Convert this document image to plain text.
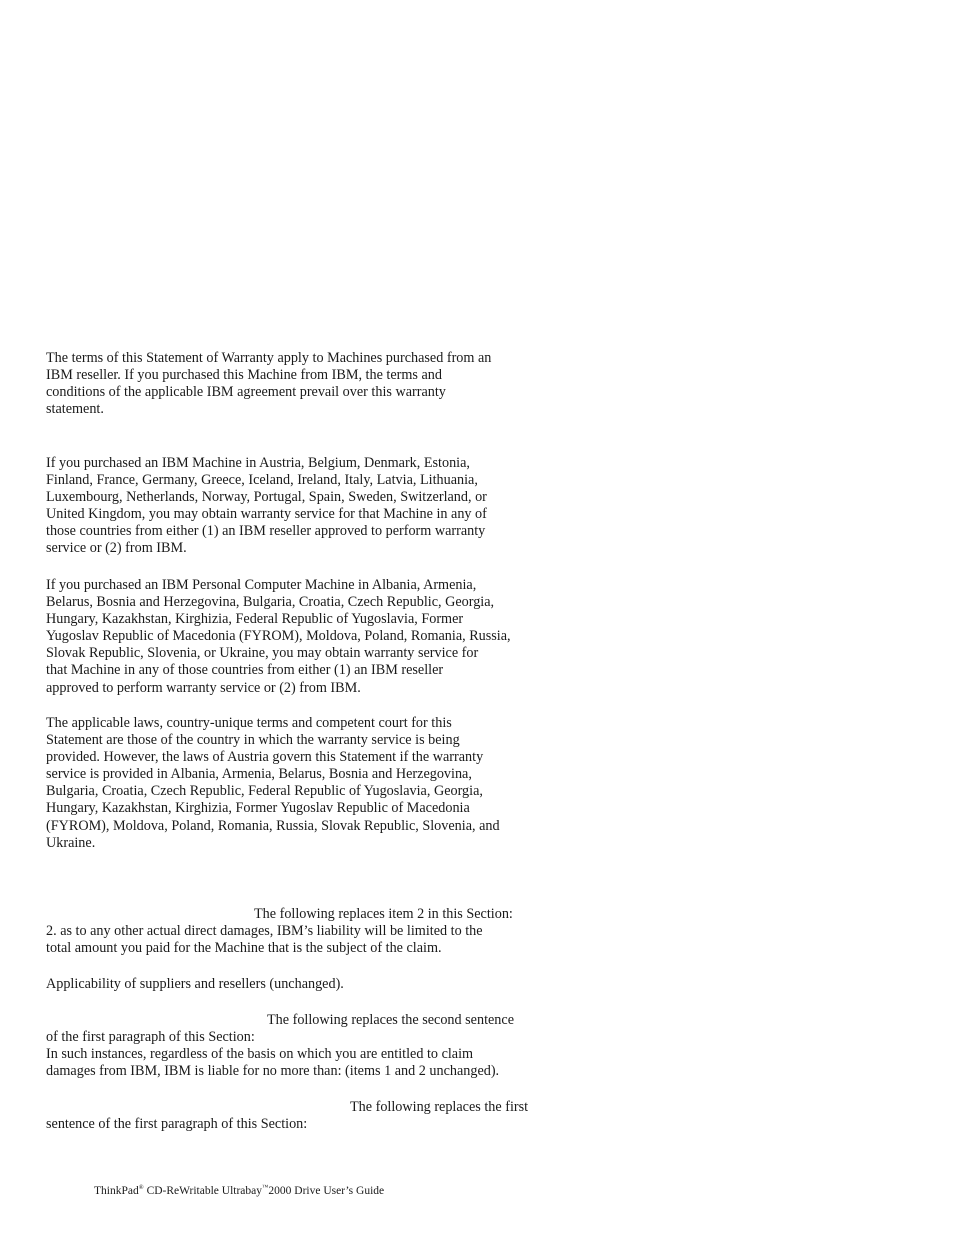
The terms of this Statement of Warranty apply to Machines purchased from an
IBM reseller. If you purchased this Machine from IBM, the terms and
conditions of the applicable IBM agreement prevail over this warranty
statement.
If you purchased an IBM Machine in Austria, Belgium, Denmark, Estonia,
Finland, France, Germany, Greece, Iceland, Ireland, Italy, Latvia, Lithuania,
Luxembourg, Netherlands, Norway, Portugal, Spain, Sweden, Switzerland, or
United Kingdom, you may obtain warranty service for that Machine in any of
those countries from either (1) an IBM reseller approved to perform warranty
service or (2) from IBM.
If you purchased an IBM Personal Computer Machine in Albania, Armenia,
Belarus, Bosnia and Herzegovina, Bulgaria, Croatia, Czech Republic, Georgia,
Hungary, Kazakhstan, Kirghizia, Federal Republic of Yugoslavia, Former
Yugoslav Republic of Macedonia (FYROM), Moldova, Poland, Romania, Russia,
Slovak Republic, Slovenia, or Ukraine, you may obtain warranty service for
that Machine in any of those countries from either (1) an IBM reseller
approved to perform warranty service or (2) from IBM.
The applicable laws, country-unique terms and competent court for this
Statement are those of the country in which the warranty service is being
provided. However, the laws of Austria govern this Statement if the warranty
service is provided in Albania, Armenia, Belarus, Bosnia and Herzegovina,
Bulgaria, Croatia, Czech Republic, Federal Republic of Yugoslavia, Georgia,
Hungary, Kazakhstan, Kirghizia, Former Yugoslav Republic of Macedonia
(FYROM), Moldova, Poland, Romania, Russia, Slovak Republic, Slovenia, and
Ukraine.
The following replaces item 2 in this Section:
2. as to any other actual direct damages, IBM’s liability will be limited to the
total amount you paid for the Machine that is the subject of the claim.
Applicability of suppliers and resellers (unchanged).
The following replaces the second sentence
of the first paragraph of this Section:
In such instances, regardless of the basis on which you are entitled to claim
damages from IBM, IBM is liable for no more than: (items 1 and 2 unchanged).
The following replaces the first
sentence of the first paragraph of this Section:
ThinkPad® CD-ReWritable Ultrabay™2000 Drive User’s Guide
